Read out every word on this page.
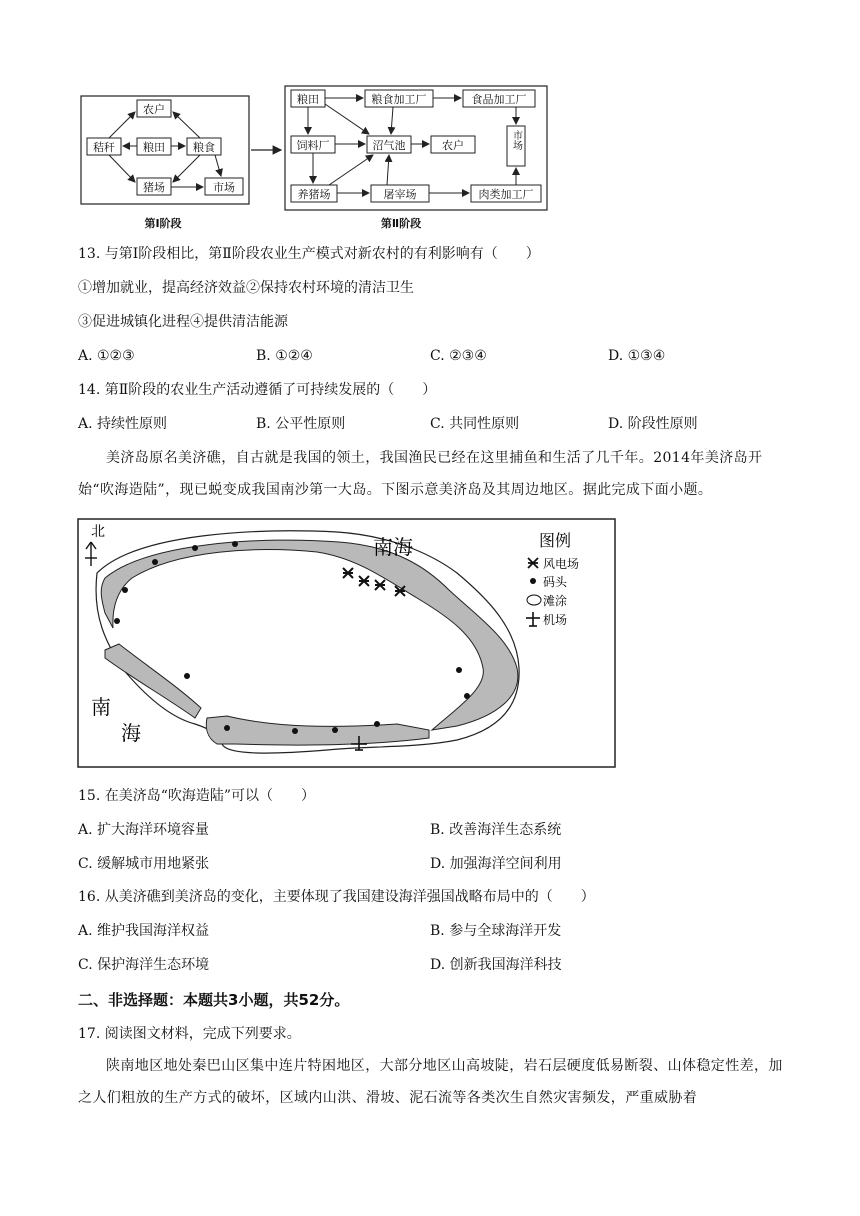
农户
秸秆	粮田	粮食
猪场	市场
第Ⅰ阶段
粮田	粮食加工厂	食品加工厂
饲料厂	沼气池	农户	市场
养猪场	屠宰场	肉类加工厂
第Ⅱ阶段
13. 与第Ⅰ阶段相比，第Ⅱ阶段农业生产模式对新农村的有利影响有（　　）
①增加就业，提高经济效益②保持农村环境的清洁卫生
③促进城镇化进程④提供清洁能源
A. ①②③	B. ①②④	C. ②③④	D. ①③④
14. 第Ⅱ阶段的农业生产活动遵循了可持续发展的（　　）
A. 持续性原则	B. 公平性原则	C. 共同性原则	D. 阶段性原则
美济岛原名美济礁，自古就是我国的领土，我国渔民已经在这里捕鱼和生活了几千年。2014年美济岛开始“吹海造陆”，现已蜕变成我国南沙第一大岛。下图示意美济岛及其周边地区。据此完成下面小题。
北
南海
南
海
图例
风电场
码头
滩涂
机场
15. 在美济岛“吹海造陆”可以（　　）
A. 扩大海洋环境容量	B. 改善海洋生态系统
C. 缓解城市用地紧张	D. 加强海洋空间利用
16. 从美济礁到美济岛的变化，主要体现了我国建设海洋强国战略布局中的（　　）
A. 维护我国海洋权益	B. 参与全球海洋开发
C. 保护海洋生态环境	D. 创新我国海洋科技
二、非选择题：本题共3小题，共52分。
17. 阅读图文材料，完成下列要求。
陕南地区地处秦巴山区集中连片特困地区，大部分地区山高坡陡，岩石层硬度低易断裂、山体稳定性差，加之人们粗放的生产方式的破坏，区域内山洪、滑坡、泥石流等各类次生自然灾害频发，严重威胁着
